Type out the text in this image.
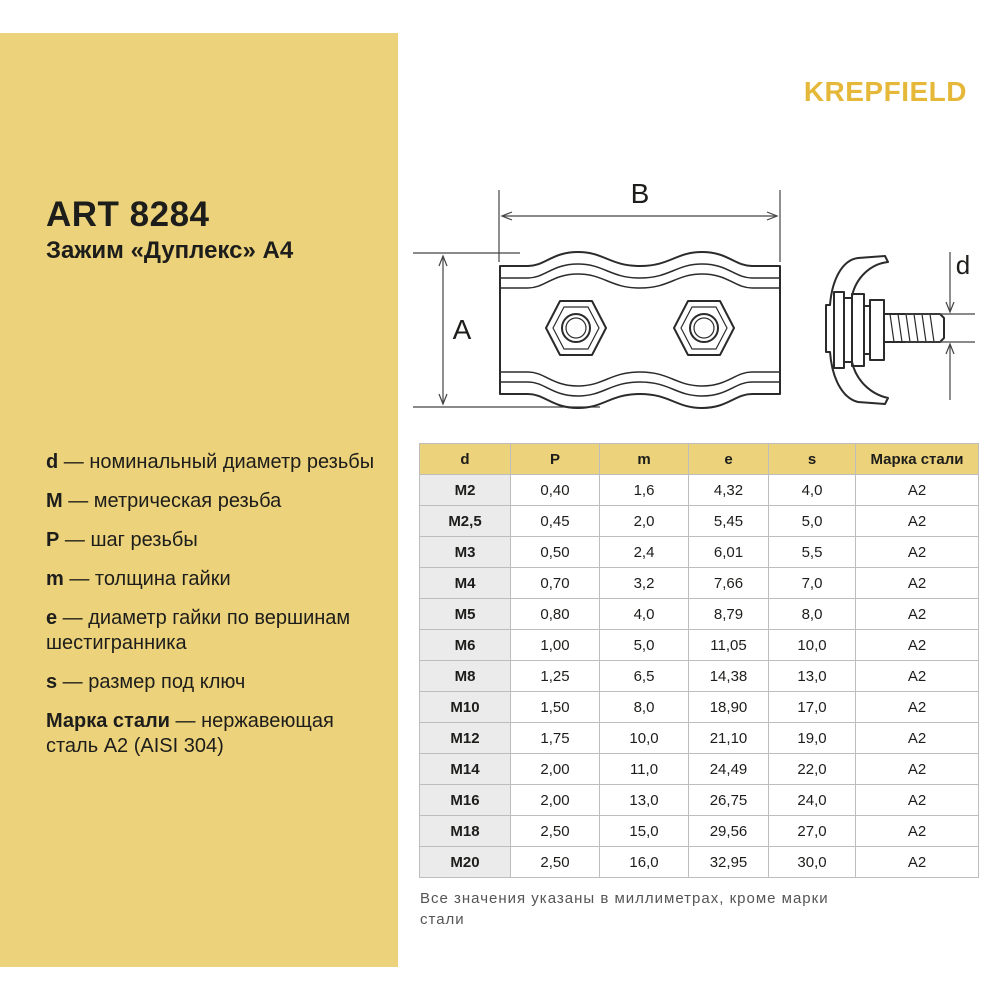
ART 8284
Зажим «Дуплекс» А4
d — номинальный диаметр резьбы
M — метрическая резьба
P — шаг резьбы
m — толщина гайки
e — диаметр гайки по вершинам шестигранника
s — размер под ключ
Марка стали — нержавеющая сталь A2 (AISI 304)
KREPFIELD
B
A
d
d	P	m	e	s	Марка стали
M2	0,40	1,6	4,32	4,0	A2
M2,5	0,45	2,0	5,45	5,0	A2
M3	0,50	2,4	6,01	5,5	A2
M4	0,70	3,2	7,66	7,0	A2
M5	0,80	4,0	8,79	8,0	A2
M6	1,00	5,0	11,05	10,0	A2
M8	1,25	6,5	14,38	13,0	A2
M10	1,50	8,0	18,90	17,0	A2
M12	1,75	10,0	21,10	19,0	A2
M14	2,00	11,0	24,49	22,0	A2
M16	2,00	13,0	26,75	24,0	A2
M18	2,50	15,0	29,56	27,0	A2
M20	2,50	16,0	32,95	30,0	A2
Все значения указаны в миллиметрах, кроме марки стали
